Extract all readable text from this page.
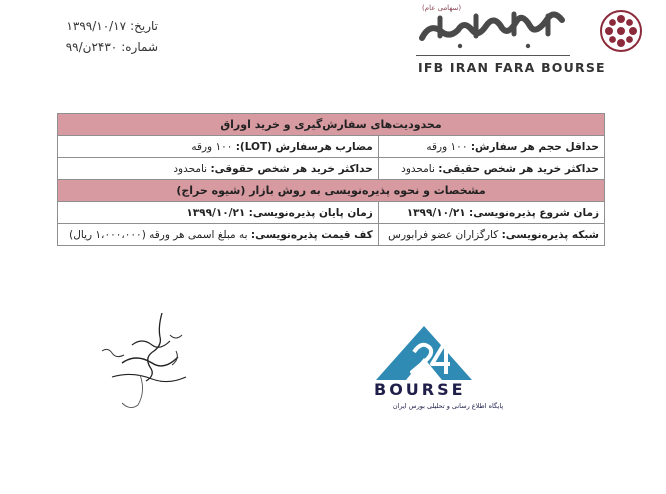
تاریخ:
۱۳۹۹/۱۰/۱۷
شماره:
۲۴۳۰ن/۹۹
(سهامی عام)
IFB IRAN FARA BOURSE
محدودیت‌های سفارش‌گیری و خرید اوراق	
حداقل حجم هر سفارش: ۱۰۰ ورقه	مضارب هرسفارش (LOT): ۱۰۰ ورقه
حداکثر خرید هر شخص حقیقی: نامحدود	حداکثر خرید هر شخص حقوقی: نامحدود
مشخصات و نحوه پذیره‌نویسی به روش بازار (شیوه حراج)	
زمان شروع پذیره‌نویسی: ۱۳۹۹/۱۰/۲۱	زمان پایان پذیره‌نویسی: ۱۳۹۹/۱۰/۲۱
شبکه پذیره‌نویسی: کارگزاران عضو فرابورس	کف قیمت پذیره‌نویسی: به مبلغ اسمی هر ورقه (۱،۰۰۰،۰۰۰ ریال)
BOURSE
پایگاه اطلاع رسانی و تحلیلی بورس ایران
